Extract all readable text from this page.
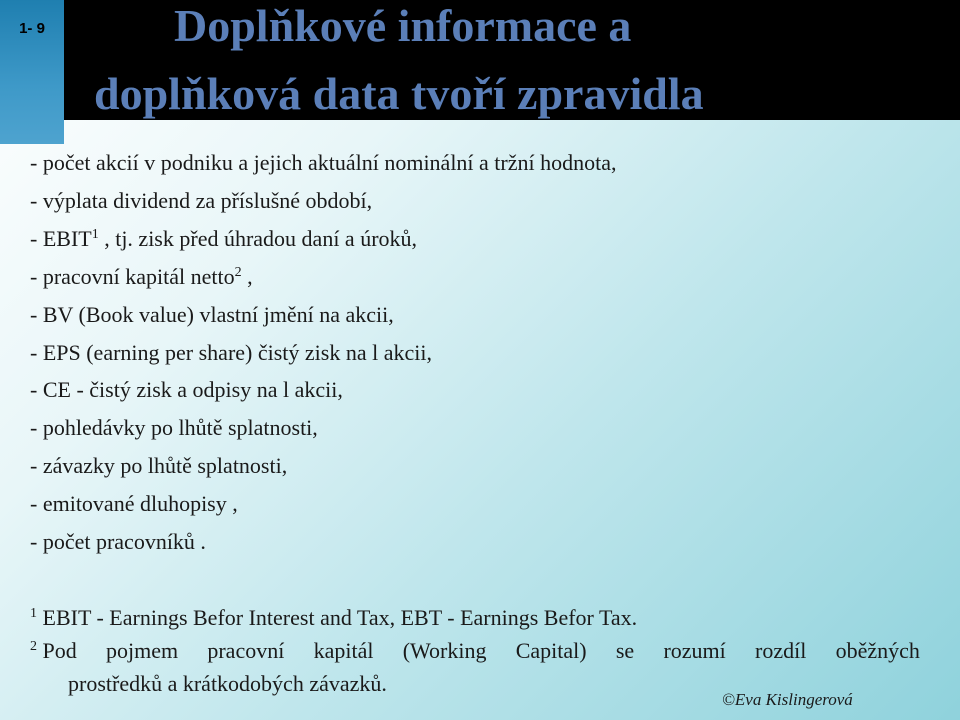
1- 9	Doplňkové informace a
doplňková data tvoří zpravidla
- počet akcií v podniku a jejich aktuální nominální a tržní hodnota,
- výplata dividend za příslušné období,
- EBIT$^1$ , tj. zisk před úhradou daní a úroků,
- pracovní kapitál netto$^2$ ,
- BV (Book value) vlastní jmění na akcii,
- EPS (earning per share) čistý zisk na l akcii,
- CE - čistý zisk a odpisy na l akcii,
- pohledávky po lhůtě splatnosti,
- závazky po lhůtě splatnosti,
- emitované dluhopisy ,
- počet pracovníků .
$^1$ EBIT - Earnings Befor Interest and Tax, EBT - Earnings Befor Tax.
$^2$ Pod pojmem pracovní kapitál (Working Capital) se rozumí rozdíl oběžných
prostředků a krátkodobých závazků.
©Eva Kislingerová
